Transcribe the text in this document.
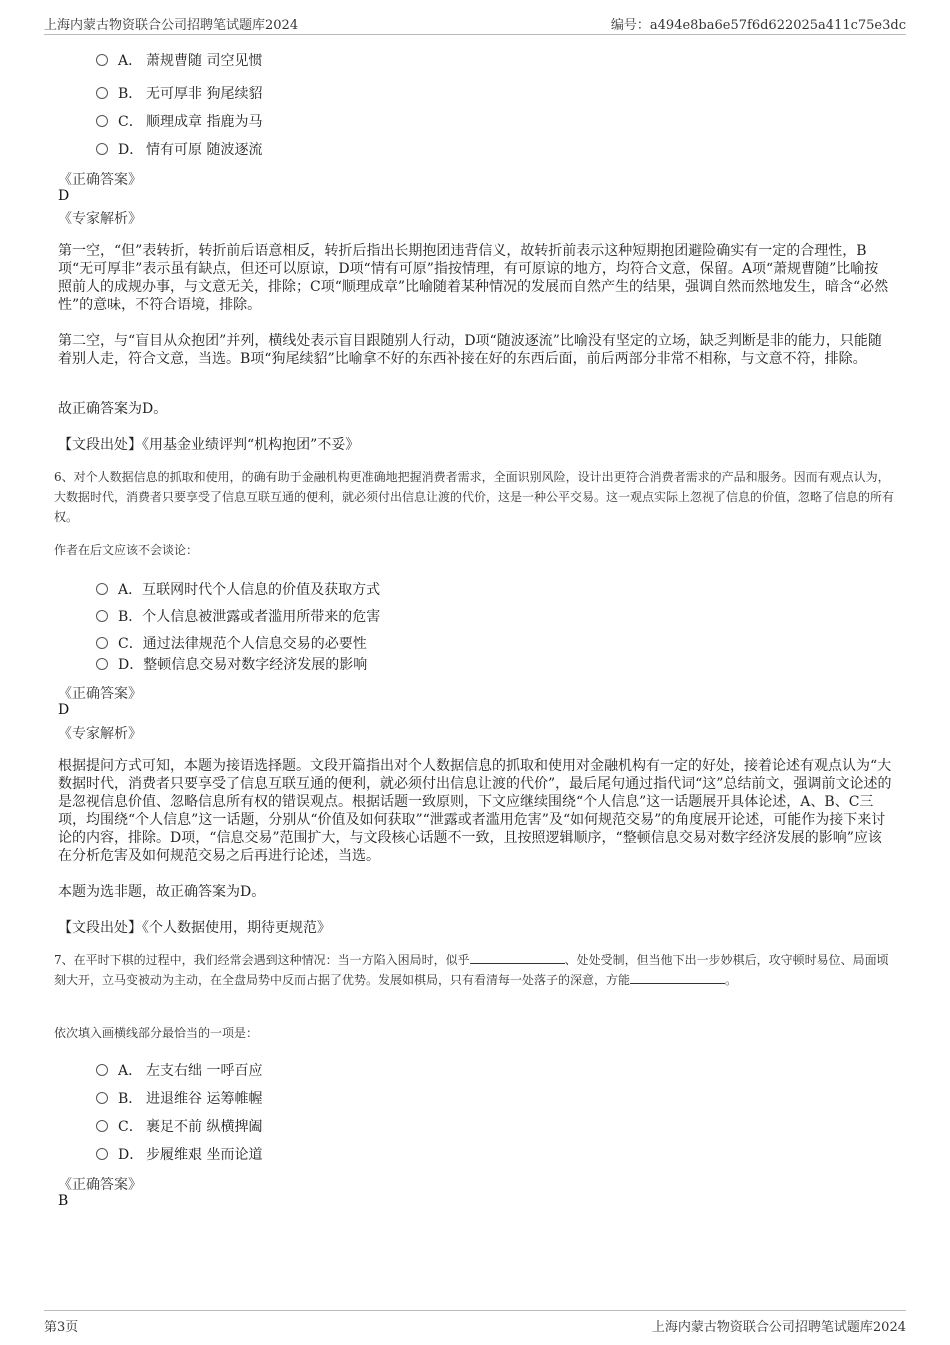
上海内蒙古物资联合公司招聘笔试题库2024	编号：a494e8ba6e57f6d622025a411c75e3dc
A． 萧规曹随 司空见惯
B． 无可厚非 狗尾续貂
C． 顺理成章 指鹿为马
D． 情有可原 随波逐流
《正确答案》
D
《专家解析》
第一空，“但”表转折，转折前后语意相反，转折后指出长期抱团违背信义，故转折前表示这种短期抱团避险确实有一定的合理性，B项“无可厚非”表示虽有缺点，但还可以原谅，D项“情有可原”指按情理，有可原谅的地方，均符合文意，保留。A项“萧规曹随”比喻按照前人的成规办事，与文意无关，排除；C项“顺理成章”比喻随着某种情况的发展而自然产生的结果，强调自然而然地发生，暗含“必然性”的意味，不符合语境，排除。
第二空，与“盲目从众抱团”并列，横线处表示盲目跟随别人行动，D项“随波逐流”比喻没有坚定的立场，缺乏判断是非的能力，只能随着别人走，符合文意，当选。B项“狗尾续貂”比喻拿不好的东西补接在好的东西后面，前后两部分非常不相称，与文意不符，排除。
故正确答案为D。
【文段出处】《用基金业绩评判“机构抱团”不妥》
6、对个人数据信息的抓取和使用，的确有助于金融机构更准确地把握消费者需求，全面识别风险，设计出更符合消费者需求的产品和服务。因而有观点认为，大数据时代，消费者只要享受了信息互联互通的便利，就必须付出信息让渡的代价，这是一种公平交易。这一观点实际上忽视了信息的价值，忽略了信息的所有权。
作者在后文应该不会谈论：
A．互联网时代个人信息的价值及获取方式
B．个人信息被泄露或者滥用所带来的危害
C．通过法律规范个人信息交易的必要性
D．整顿信息交易对数字经济发展的影响
《正确答案》
D
《专家解析》
根据提问方式可知，本题为接语选择题。文段开篇指出对个人数据信息的抓取和使用对金融机构有一定的好处，接着论述有观点认为“大数据时代，消费者只要享受了信息互联互通的便利，就必须付出信息让渡的代价”，最后尾句通过指代词“这”总结前文，强调前文论述的是忽视信息价值、忽略信息所有权的错误观点。根据话题一致原则，下文应继续围绕“个人信息”这一话题展开具体论述，A、B、C三项，均围绕“个人信息”这一话题，分别从“价值及如何获取”“泄露或者滥用危害”及“如何规范交易”的角度展开论述，可能作为接下来讨论的内容，排除。D项，“信息交易”范围扩大，与文段核心话题不一致，且按照逻辑顺序，“整顿信息交易对数字经济发展的影响”应该在分析危害及如何规范交易之后再进行论述，当选。
本题为选非题，故正确答案为D。
【文段出处】《个人数据使用，期待更规范》
7、在平时下棋的过程中，我们经常会遇到这种情况：当一方陷入困局时，似乎	、处处受制，但当他下出一步妙棋后，攻守顿时易位、局面顷刻大开，立马变被动为主动，在全盘局势中反而占据了优势。发展如棋局，只有看清每一处落子的深意，方能	。
依次填入画横线部分最恰当的一项是：
A． 左支右绌 一呼百应
B． 进退维谷 运筹帷幄
C． 裹足不前 纵横捭阖
D． 步履维艰 坐而论道
《正确答案》
B
第3页	上海内蒙古物资联合公司招聘笔试题库2024
